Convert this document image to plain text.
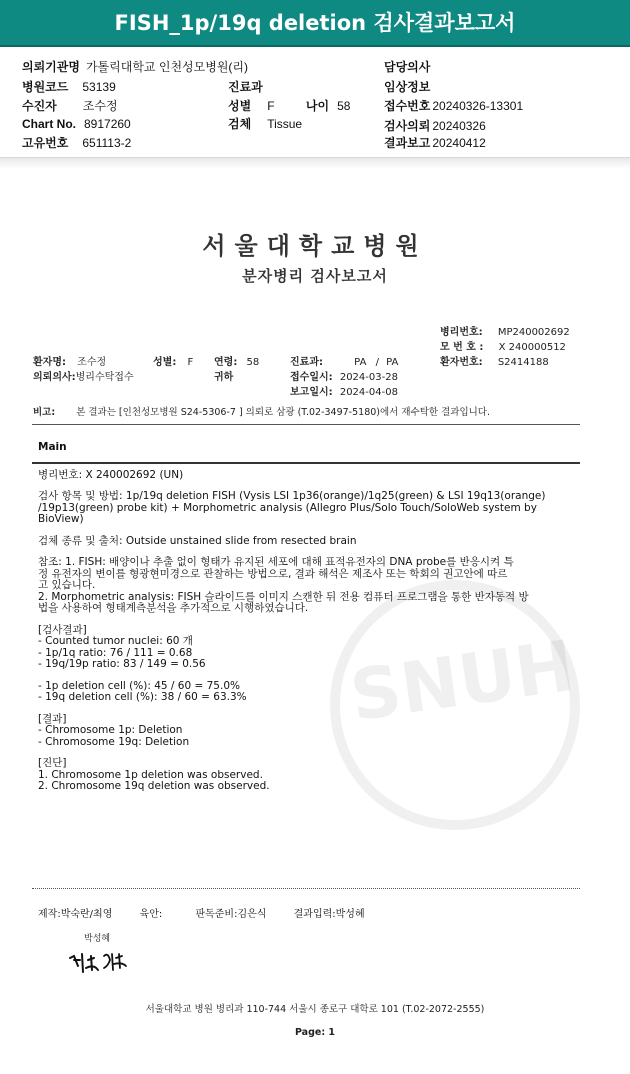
FISH_1p/19q deletion 검사결과보고서
의뢰기관명 가톨릭대학교 인천성모병원(리)
병원코드 53139
수진자 조수정
Chart No. 8917260
고유번호 651113-2
진료과
성별 F	나이 58
검체 Tissue
담당의사
임상정보
접수번호 20240326-13301
검사의뢰 20240326
결과보고 20240412
서울대학교병원
분자병리 검사보고서
병리번호: MP240002692
모 번 호 : X 240000512
환자번호: S2414188
환자명: 조수정	성별: F 연령: 58	진료과:	PA / PA
의뢰의사:병리수탁접수	귀하	접수일시: 2024-03-28
보고일시: 2024-04-08
비고: 본 결과는 [인천성모병원 S24-5306-7 ] 의뢰로 삼광 (T.02-3497-5180)에서 재수탁한 결과입니다.
SNUH
Main

병리번호: X 240002692 (UN)

검사 항목 및 방법: 1p/19q deletion FISH (Vysis LSI 1p36(orange)/1q25(green) & LSI 19q13(orange)
/19p13(green) probe kit) + Morphometric analysis (Allegro Plus/Solo Touch/SoloWeb system by
BioView)

검체 종류 및 출처: Outside unstained slide from resected brain

참조: 1. FISH: 배양이나 추출 없이 형태가 유지된 세포에 대해 표적유전자의 DNA probe를 반응시켜 특
정 유전자의 변이를 형광현미경으로 관찰하는 방법으로, 결과 해석은 제조사 또는 학회의 권고안에 따르
고 있습니다.
2. Morphometric analysis: FISH 슬라이드를 이미지 스캔한 뒤 전용 컴퓨터 프로그램을 통한 반자동적 방
법을 사용하여 형태계측분석을 추가적으로 시행하였습니다.
[검사결과]
- Counted tumor nuclei: 60 개
- 1p/1q ratio: 76 / 111 = 0.68
- 19q/19p ratio: 83 / 149 = 0.56
- 1p deletion cell (%): 45 / 60 = 75.0%
- 19q deletion cell (%): 38 / 60 = 63.3%
[결과]
- Chromosome 1p: Deletion
- Chromosome 19q: Deletion
[진단]
1. Chromosome 1p deletion was observed.
2. Chromosome 19q deletion was observed.
제작:박숙란/최영	육안:	판독준비:김은식	결과입력:박성혜
박성혜
서울대학교 병원 병리과 110-744 서울시 종로구 대학로 101 (T.02-2072-2555)
Page: 1
